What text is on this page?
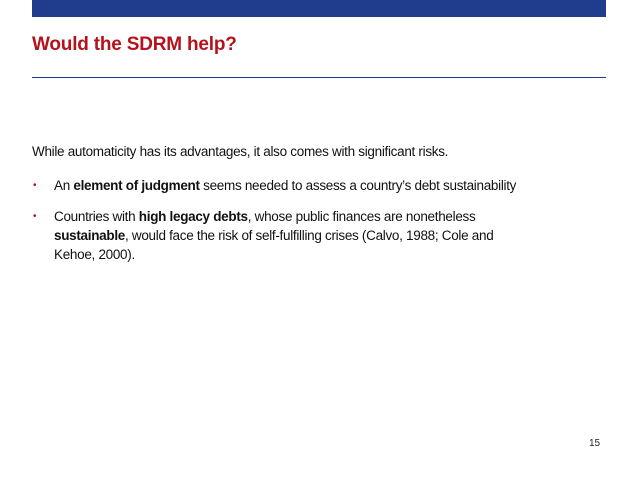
Would the SDRM help?

While automaticity has its advantages, it also comes with significant risks.

• An element of judgment seems needed to assess a country’s debt sustainability
• Countries with high legacy debts, whose public finances are nonetheless
sustainable, would face the risk of self-fulfilling crises (Calvo, 1988; Cole and
Kehoe, 2000).
15
